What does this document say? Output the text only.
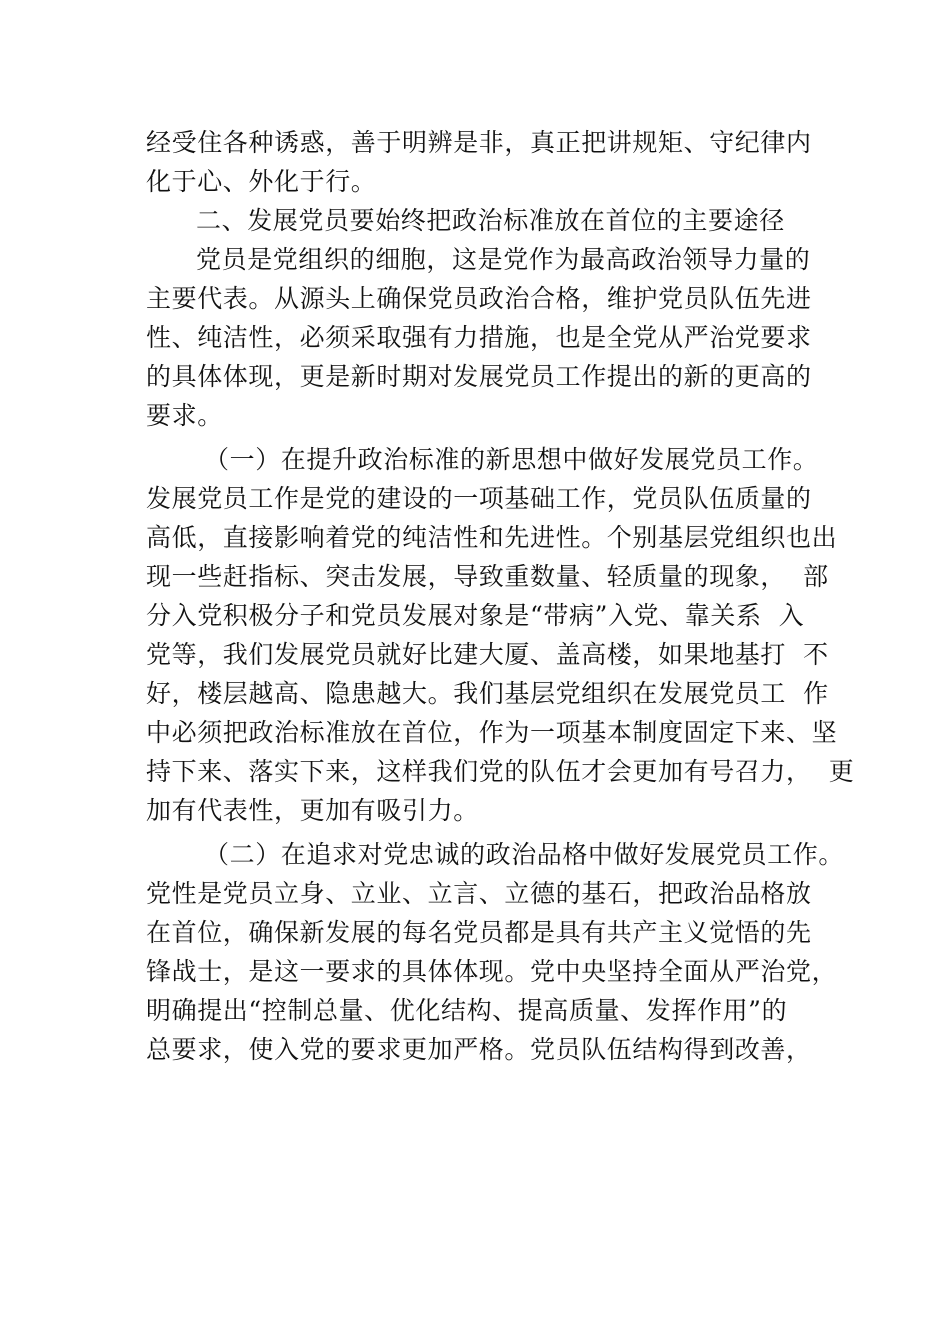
经受住各种诱惑，善于明辨是非，真正把讲规矩、守纪律内

化于心、外化于行。

二、发展党员要始终把政治标准放在首位的主要途径

党员是党组织的细胞，这是党作为最高政治领导力量的

主要代表。从源头上确保党员政治合格，维护党员队伍先进

性、纯洁性，必须采取强有力措施，也是全党从严治党要求

的具体体现，更是新时期对发展党员工作提出的新的更高的

要求。

（一）在提升政治标准的新思想中做好发展党员工作。

发展党员工作是党的建设的一项基础工作，党员队伍质量的

高低，直接影响着党的纯洁性和先进性。个别基层党组织也出

现一些赶指标、突击发展，导致重数量、轻质量的现象，  部

分入党积极分子和党员发展对象是“带病”入党、靠关系  入

党等，我们发展党员就好比建大厦、盖高楼，如果地基打  不

好，楼层越高、隐患越大。我们基层党组织在发展党员工  作

中必须把政治标准放在首位，作为一项基本制度固定下来、坚

持下来、落实下来，这样我们党的队伍才会更加有号召力，  更

加有代表性，更加有吸引力。

（二）在追求对党忠诚的政治品格中做好发展党员工作。

党性是党员立身、立业、立言、立德的基石，把政治品格放

在首位，确保新发展的每名党员都是具有共产主义觉悟的先

锋战士，是这一要求的具体体现。党中央坚持全面从严治党，

明确提出“控制总量、优化结构、提高质量、发挥作用”的

总要求，使入党的要求更加严格。党员队伍结构得到改善，
